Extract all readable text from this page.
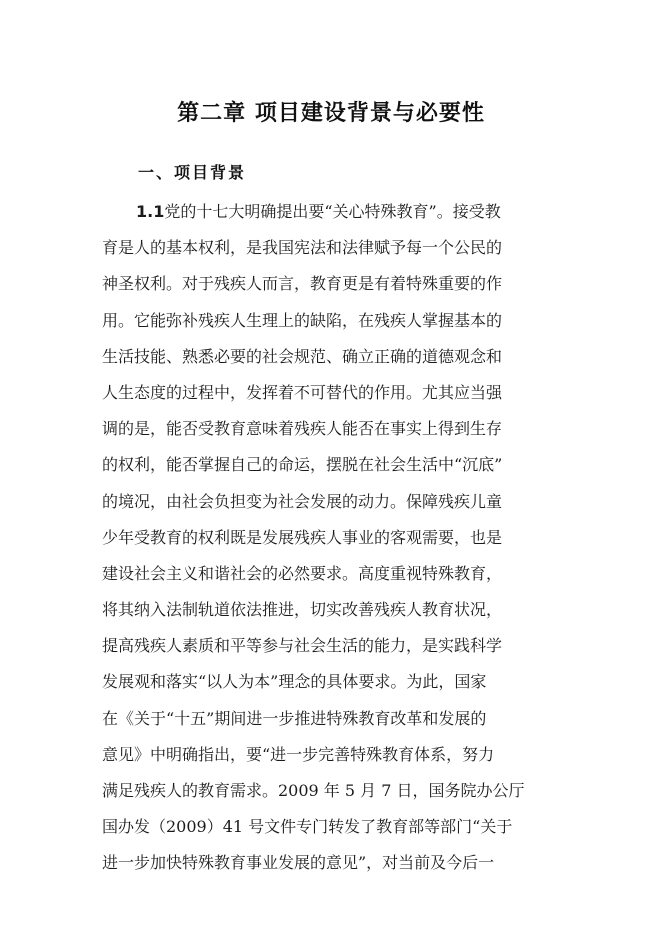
第二章 项目建设背景与必要性
一、项目背景
1.1党的十七大明确提出要“关心特殊教育”。接受教
育是人的基本权利，是我国宪法和法律赋予每一个公民的
神圣权利。对于残疾人而言，教育更是有着特殊重要的作
用。它能弥补残疾人生理上的缺陷，在残疾人掌握基本的
生活技能、熟悉必要的社会规范、确立正确的道德观念和
人生态度的过程中，发挥着不可替代的作用。尤其应当强
调的是，能否受教育意味着残疾人能否在事实上得到生存
的权利，能否掌握自己的命运，摆脱在社会生活中“沉底”
的境况，由社会负担变为社会发展的动力。保障残疾儿童
少年受教育的权利既是发展残疾人事业的客观需要，也是
建设社会主义和谐社会的必然要求。高度重视特殊教育，
将其纳入法制轨道依法推进，切实改善残疾人教育状况，
提高残疾人素质和平等参与社会生活的能力，是实践科学
发展观和落实“以人为本”理念的具体要求。为此，国家
在《关于“十五”期间进一步推进特殊教育改革和发展的
意见》中明确指出，要“进一步完善特殊教育体系，努力
满足残疾人的教育需求。2009 年 5 月 7 日，国务院办公厅
国办发（2009）41 号文件专门转发了教育部等部门“关于
进一步加快特殊教育事业发展的意见”，对当前及今后一
